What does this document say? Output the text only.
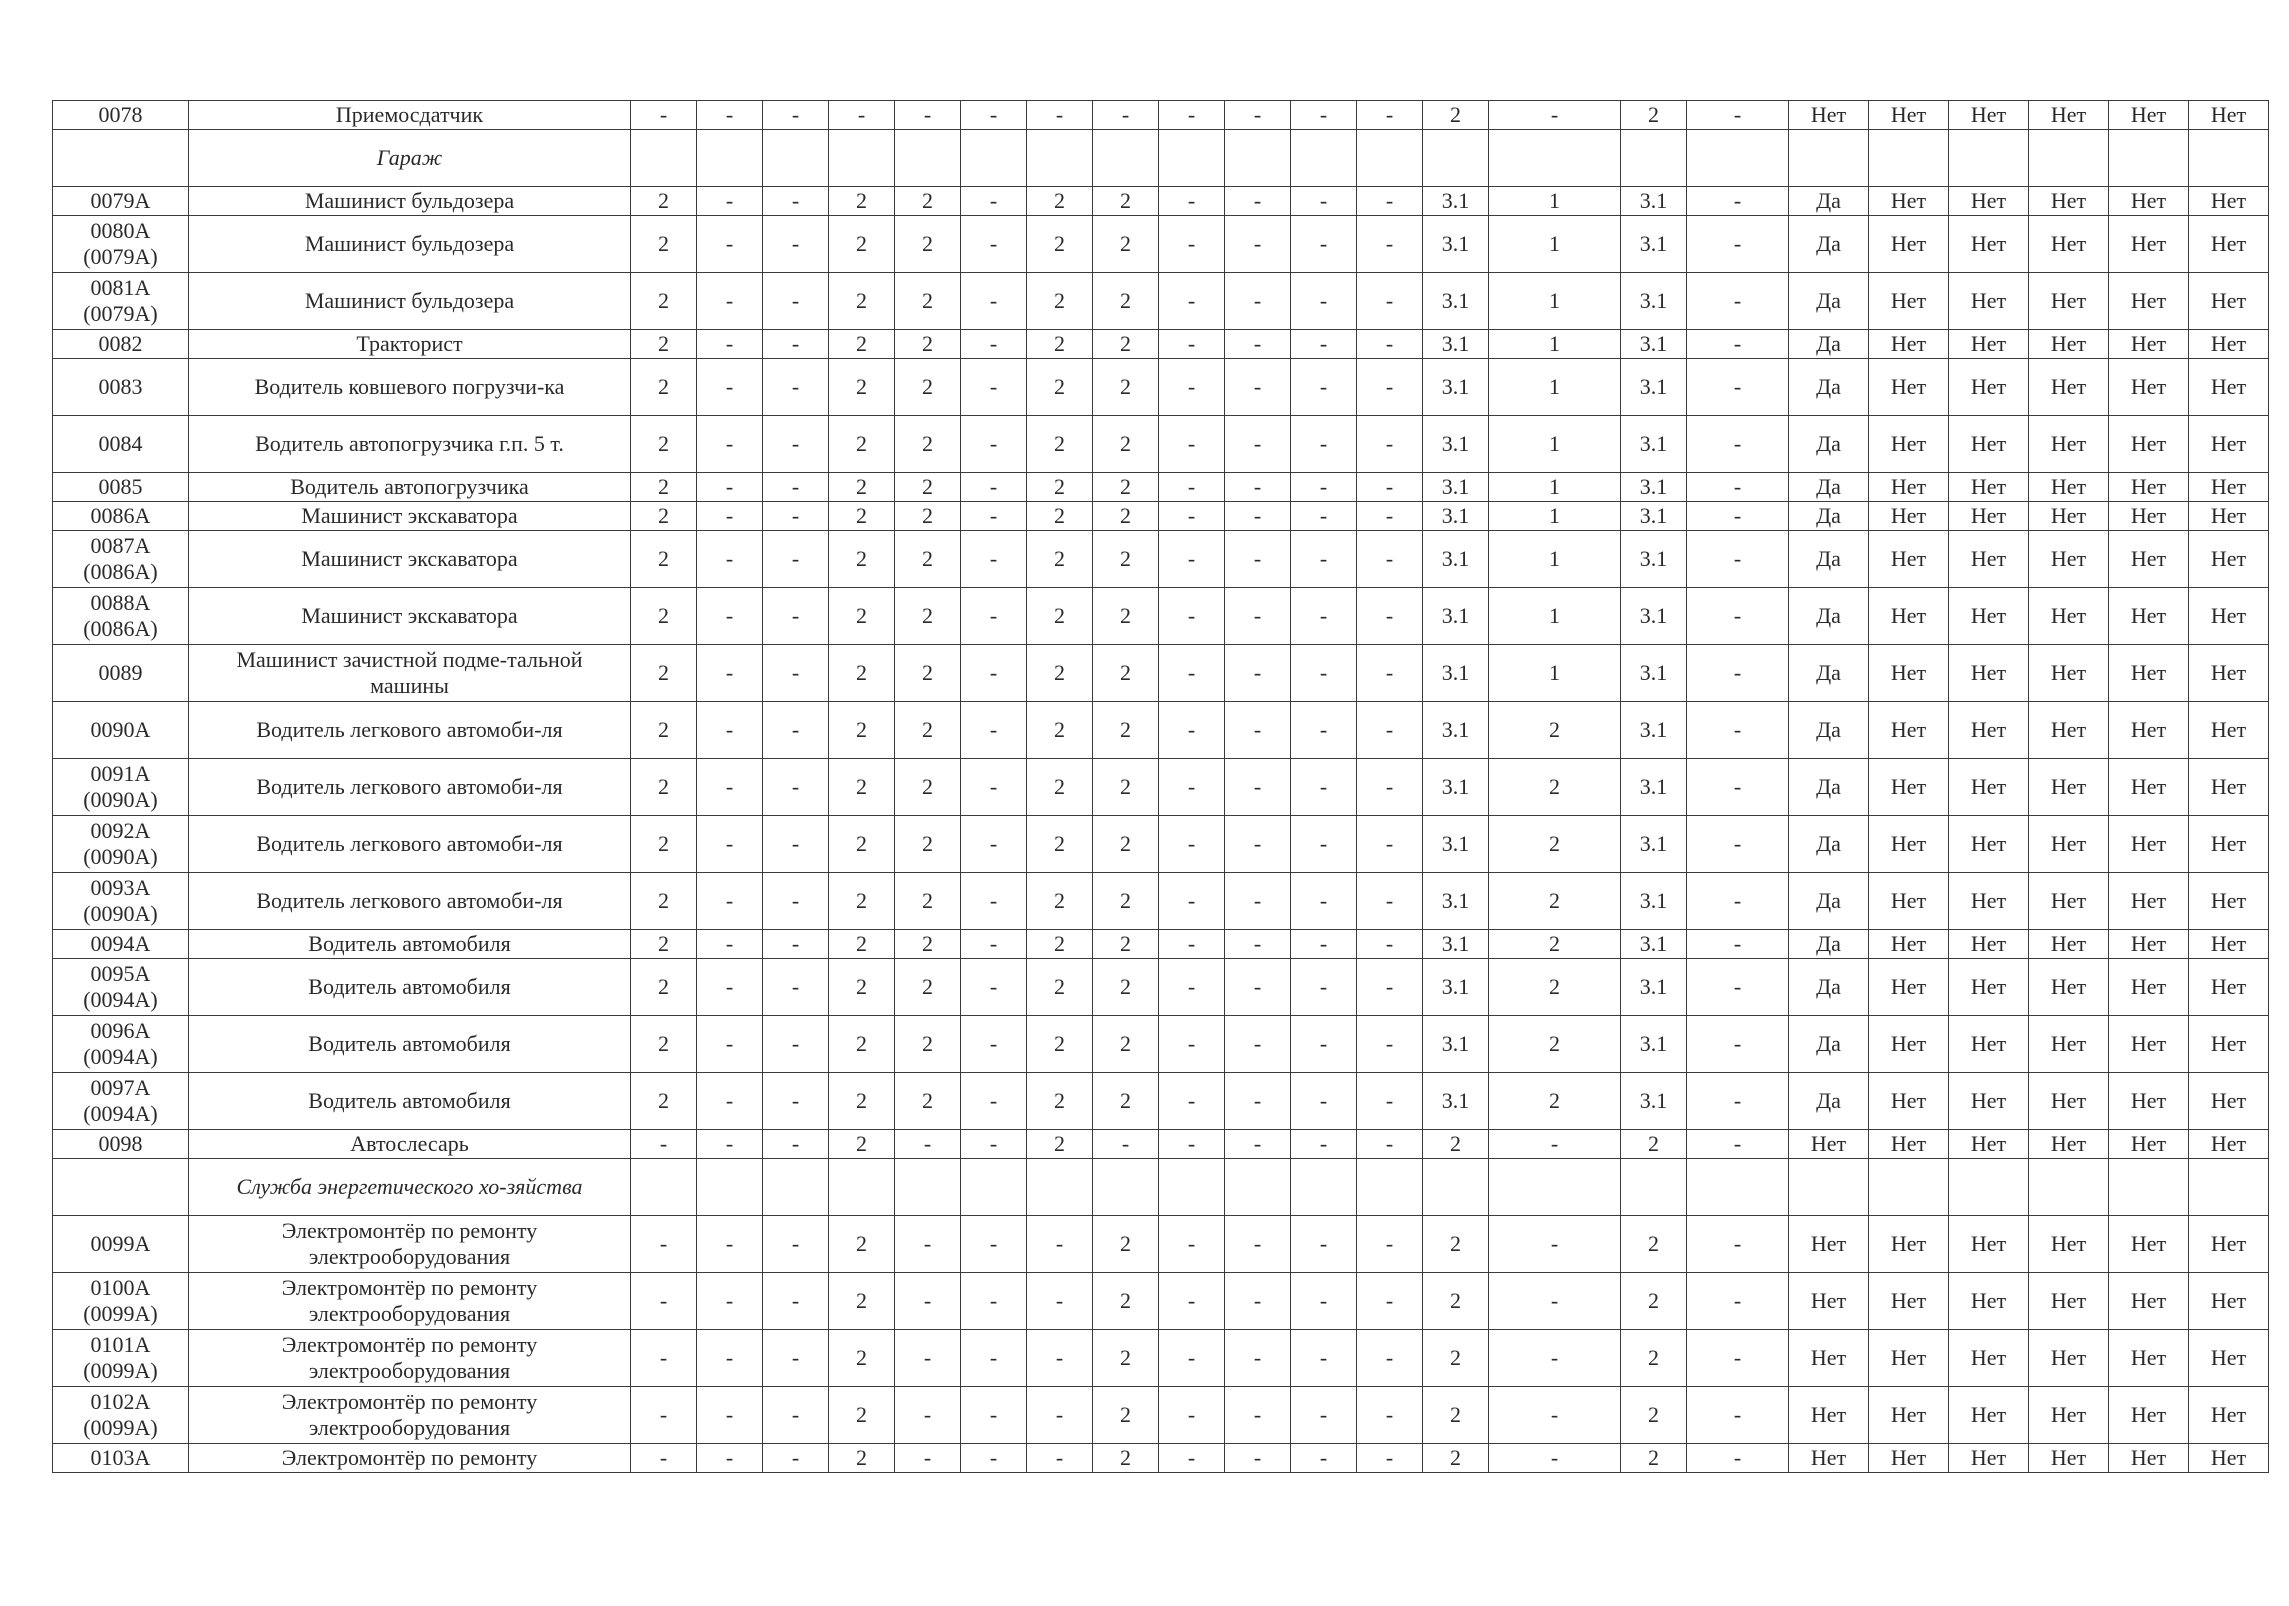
0078	Приемосдатчик	-	-	-	-	-	-	-	-	-	-	-	-	2	-	2	-	Нет	Нет	Нет	Нет	Нет	Нет
	Гараж																						
0079А	Машинист бульдозера	2	-	-	2	2	-	2	2	-	-	-	-	3.1	1	3.1	-	Да	Нет	Нет	Нет	Нет	Нет
0080А (0079А)	Машинист бульдозера	2	-	-	2	2	-	2	2	-	-	-	-	3.1	1	3.1	-	Да	Нет	Нет	Нет	Нет	Нет
0081А (0079А)	Машинист бульдозера	2	-	-	2	2	-	2	2	-	-	-	-	3.1	1	3.1	-	Да	Нет	Нет	Нет	Нет	Нет
0082	Тракторист	2	-	-	2	2	-	2	2	-	-	-	-	3.1	1	3.1	-	Да	Нет	Нет	Нет	Нет	Нет
0083	Водитель ковшевого погрузчи-ка	2	-	-	2	2	-	2	2	-	-	-	-	3.1	1	3.1	-	Да	Нет	Нет	Нет	Нет	Нет
0084	Водитель автопогрузчика г.п. 5 т.	2	-	-	2	2	-	2	2	-	-	-	-	3.1	1	3.1	-	Да	Нет	Нет	Нет	Нет	Нет
0085	Водитель автопогрузчика	2	-	-	2	2	-	2	2	-	-	-	-	3.1	1	3.1	-	Да	Нет	Нет	Нет	Нет	Нет
0086А	Машинист экскаватора	2	-	-	2	2	-	2	2	-	-	-	-	3.1	1	3.1	-	Да	Нет	Нет	Нет	Нет	Нет
0087А (0086А)	Машинист экскаватора	2	-	-	2	2	-	2	2	-	-	-	-	3.1	1	3.1	-	Да	Нет	Нет	Нет	Нет	Нет
0088А (0086А)	Машинист экскаватора	2	-	-	2	2	-	2	2	-	-	-	-	3.1	1	3.1	-	Да	Нет	Нет	Нет	Нет	Нет
0089	Машинист зачистной подме-тальной машины	2	-	-	2	2	-	2	2	-	-	-	-	3.1	1	3.1	-	Да	Нет	Нет	Нет	Нет	Нет
0090А	Водитель легкового автомоби-ля	2	-	-	2	2	-	2	2	-	-	-	-	3.1	2	3.1	-	Да	Нет	Нет	Нет	Нет	Нет
0091А (0090А)	Водитель легкового автомоби-ля	2	-	-	2	2	-	2	2	-	-	-	-	3.1	2	3.1	-	Да	Нет	Нет	Нет	Нет	Нет
0092А (0090А)	Водитель легкового автомоби-ля	2	-	-	2	2	-	2	2	-	-	-	-	3.1	2	3.1	-	Да	Нет	Нет	Нет	Нет	Нет
0093А (0090А)	Водитель легкового автомоби-ля	2	-	-	2	2	-	2	2	-	-	-	-	3.1	2	3.1	-	Да	Нет	Нет	Нет	Нет	Нет
0094А	Водитель автомобиля	2	-	-	2	2	-	2	2	-	-	-	-	3.1	2	3.1	-	Да	Нет	Нет	Нет	Нет	Нет
0095А (0094А)	Водитель автомобиля	2	-	-	2	2	-	2	2	-	-	-	-	3.1	2	3.1	-	Да	Нет	Нет	Нет	Нет	Нет
0096А (0094А)	Водитель автомобиля	2	-	-	2	2	-	2	2	-	-	-	-	3.1	2	3.1	-	Да	Нет	Нет	Нет	Нет	Нет
0097А (0094А)	Водитель автомобиля	2	-	-	2	2	-	2	2	-	-	-	-	3.1	2	3.1	-	Да	Нет	Нет	Нет	Нет	Нет
0098	Автослесарь	-	-	-	2	-	-	2	-	-	-	-	-	2	-	2	-	Нет	Нет	Нет	Нет	Нет	Нет
	Служба энергетического хо-зяйства																						
0099А	Электромонтёр по ремонту электрооборудования	-	-	-	2	-	-	-	2	-	-	-	-	2	-	2	-	Нет	Нет	Нет	Нет	Нет	Нет
0100А (0099А)	Электромонтёр по ремонту электрооборудования	-	-	-	2	-	-	-	2	-	-	-	-	2	-	2	-	Нет	Нет	Нет	Нет	Нет	Нет
0101А (0099А)	Электромонтёр по ремонту электрооборудования	-	-	-	2	-	-	-	2	-	-	-	-	2	-	2	-	Нет	Нет	Нет	Нет	Нет	Нет
0102А (0099А)	Электромонтёр по ремонту электрооборудования	-	-	-	2	-	-	-	2	-	-	-	-	2	-	2	-	Нет	Нет	Нет	Нет	Нет	Нет
0103А	Электромонтёр по ремонту	-	-	-	2	-	-	-	2	-	-	-	-	2	-	2	-	Нет	Нет	Нет	Нет	Нет	Нет
